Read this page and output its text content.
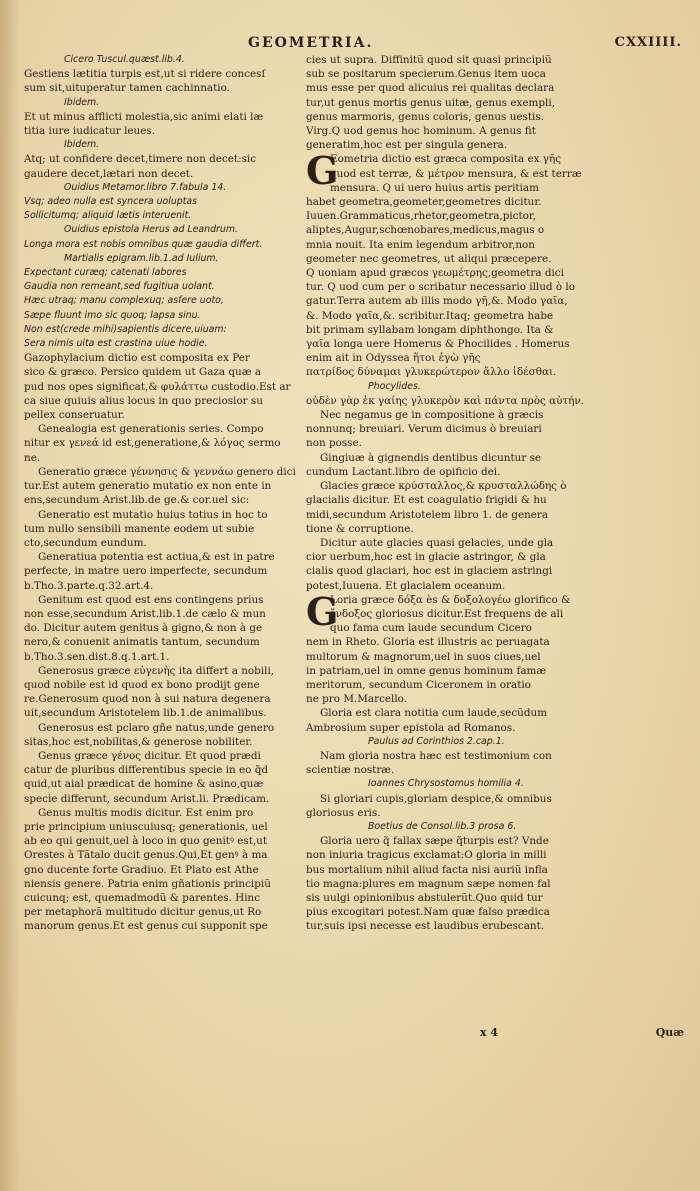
GEOMETRIA.	CXXIIII.
Cicero Tuscul.quæst.lib.4.
Gestiens lætitia turpis est,ut si ridere concesſ
sum sit,uituperatur tamen cachinnatio.
Ibidem.
Et ut minus afflicti molestia,sic animi elati læ
titia iure iudicatur leues.
Ibidem.
Atq; ut confidere decet,timere non decet:sic
gaudere decet,lætari non decet.
Ouidius Metamor.libro 7.fabula 14.
Vsq; adeo nulla est syncera uoluptas
Sollicitumq; aliquid lætis interuenit.
Ouidius epistola Herus ad Leandrum.
Longa mora est nobis omnibus quæ gaudia differt.
Martialis epigram.lib.1.ad Iulium.
Expectant curæq; catenati labores
Gaudia non remeant,sed fugitiua uolant.
Hæc utraq; manu complexuq; asſere uoto,
Sæpe fluunt imo sic quoq; lapsa sinu.
Non est(crede mihi)sapientis dicere,uiuam:
Sera nimis uita est crastina uiue hodie.
Gazophylacium dictio est composita ex Per
sico & græco. Persico quidem ut Gaza quæ a
pud nos opes significat,& φυλάττω custodio.Est ar
ca siue quiuis alius locus in quo preciosior su
pellex conseruatur.
Genealogia est generationis series. Compo
nitur ex γενεά id est,generatione,& λόγος sermo
ne.
Generatio græce γέννησις & γεννάω genero dici
tur.Est autem generatio mutatio ex non ente in
ens,secundum Arist.lib.de ge.& cor.uel sic:
Generatio est mutatio huius totius in hoc to
tum nullo sensibili manente eodem ut subie
cto,secundum eundum.
Generatiua potentia est actiua,& est in patre
perfecte, in matre uero imperfecte, secundum
b.Tho.3.parte.q.32.art.4.
Genitum est quod est ens contingens prius
non esse,secundum Arist.lib.1.de cælo & mun
do. Dicitur autem genitus à gigno,& non à ge
nero,& conuenit animatis tantum, secundum
b.Tho.3.sen.dist.8.q.1.art.1.
Generosus græce εὐγενὴς ita differt a nobili,
quod nobile est id quod ex bono prodijt gene
re.Generosum quod non à sui natura degenera
uit,secundum Aristotelem lib.1.de animalibus.
Generosus est pclaro gñe natus,unde genero
sitas,hoc est,nobilitas,& generose nobiliter.
Genus græce γένος dicitur. Et quod prædi
catur de pluribus differentibus specie in eo q̃d
quid,ut aial prædicat de homine & asino,quæ
specie differunt, secundum Arist.li. Prædicam.
Genus multis modis dicitur. Est enim pro
prie principium uniuscuiusq; generationis, uel
ab eo qui genuit,uel à loco in quo genitꝰ est,ut
Orestes à Tãtalo ducit genus.Qui,Et genꝰ à ma
gno ducente forte Gradiuo. Et Plato est Athe
niensis genere. Patria enim gñationis principiũ
cuicunq; est, quemadmodũ & parentes. Hinc
per metaphorã multitudo dicitur genus,ut Ro
manorum genus.Et est genus cui supponit spe
cies ut supra. Diffinitũ quod sit quasi principiũ
sub se positarum specierum.Genus item uoca
mus esse per quod alicuius rei qualitas declara
tur,ut genus mortis genus uitæ, genus exempli,
genus marmoris, genus coloris, genus uestis.
Virg.Q uod genus hoc hominum. A genus fit
generatim,hoc est per singula genera.
G
Eometria dictio est græca composita ex γῆς
quod est terræ, & μέτρον mensura, & est terræ
mensura. Q ui uero huius artis peritiam
habet geometra,geometer,geometres dicitur.
Iuuen.Grammaticus,rhetor,geometra,pictor,
aliptes,Augur,schœnobares,medicus,magus o
mnia nouit. Ita enim legendum arbitror,non
geometer nec geometres, ut aliqui præcepere.
Q uoniam apud græcos γεωμέτρης,geometra dici
tur. Q uod cum per o scribatur necessario illud ò lo
gatur.Terra autem ab illis modo γῆ,&. Modo γαῖα,
&. Modo γαῖα,&. scribitur.Itaq; geometra habe
bit primam syllabam longam diphthongo. Ita &
γαῖα longa uere Homerus & Phocilides . Homerus
enim ait in Odyssea ἥτοι ἐγὼ γῆς
πατρίδος δύναμαι γλυκερώτερον ἄλλο ἰδέσθαι.
Phocylides.
οὐδὲν γὰρ ἐκ γαίης γλυκερὸν καὶ πάντα πρὸς αὐτήν.
Nec negamus ge in compositione à græcis
nonnunq; breuiari. Verum dicimus ò breuiari
non posse.
Gingiuæ à gignendis dentibus dicuntur se
cundum Lactant.libro de opificio dei.
Glacies græce κρύσταλλος,& κρυσταλλώδης ò
glacialis dicitur. Et est coagulatio frigidi & hu
midi,secundum Aristotelem libro 1. de genera
tione & corruptione.
Dicitur aute glacies quasi gelacies, unde gla
cior uerbum,hoc est in glacie astringor, & gla
cialis quod glaciari, hoc est in glaciem astringi
potest,Iuuena. Et glacialem oceanum.
G
Loria græce δόξα ès & δοξολογέω glorifico &
ἔνδοξος gloriosus dicitur.Est frequens de ali
quo fama cum laude secundum Cicero
nem in Rheto. Gloria est illustris ac peruagata
multorum & magnorum,uel in suos ciues,uel
in patriam,uel in omne genus hominum famæ
meritorum, secundum Ciceronem in oratio
ne pro M.Marcello.
Gloria est clara notitia cum laude,secũdum
Ambrosium super epistola ad Romanos.
Paulus ad Corinthios 2.cap.1.
Nam gloria nostra hæc est testimonium con
scientiæ nostræ.
Ioannes Chrysostomus homilia 4.
Si gloriari cupis,gloriam despice,& omnibus
gloriosus eris.
Boetius de Consol.lib.3 prosa 6.
Gloria uero q̃ fallax sæpe q̃turpis est? Vnde
non iniuria tragicus exclamat:O gloria in milli
bus mortalium nihil aliud facta nisi auriũ infla
tio magna:plures em magnum sæpe nomen fal
sis uulgi opinionibus abstulerũt.Quo quid tur
pius excogitari potest.Nam quæ falso prædica
tur,suis ipsi necesse est laudibus erubescant.
x 4	Quæ
